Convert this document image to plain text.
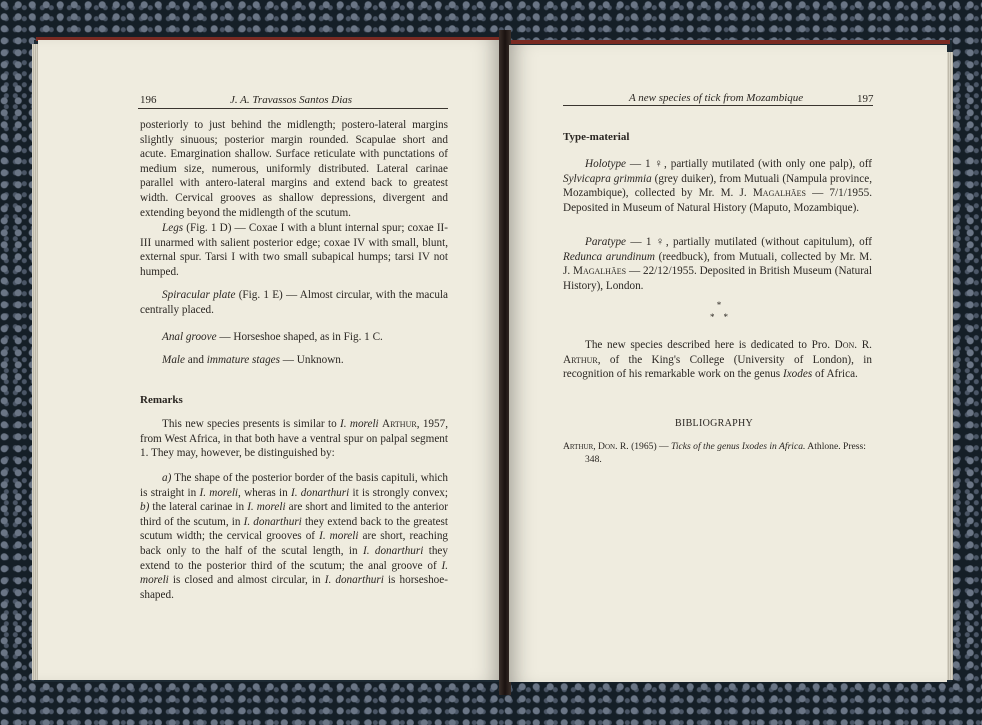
196	J. A. Travassos Santos Dias

posteriorly to just behind the midlength; postero-lateral margins slightly sinuous; posterior margin rounded. Scapulae short and acute. Emargination shallow. Surface reticulate with punctations of medium size, numerous, uniformly distributed. Lateral carinae parallel with antero-lateral margins and extend back to greatest width. Cervical grooves as shallow depressions, divergent and extending beyond the midlength of the scutum.

Legs (Fig. 1 D) — Coxae I with a blunt internal spur; coxae II-III unarmed with salient posterior edge; coxae IV with small, blunt, external spur. Tarsi I with two small subapical humps; tarsi IV not humped.

Spiracular plate (Fig. 1 E) — Almost circular, with the macula centrally placed.

Anal groove — Horseshoe shaped, as in Fig. 1 C.

Male and immature stages — Unknown.

Remarks

This new species presents is similar to I. moreli Arthur, 1957, from West Africa, in that both have a ventral spur on palpal segment 1. They may, however, be distinguished by:

a) The shape of the posterior border of the basis capituli, which is straight in I. moreli, wheras in I. donarthuri it is strongly convex; b) the lateral carinae in I. moreli are short and limited to the anterior third of the scutum, in I. donarthuri they extend back to the greatest scutum width; the cervical grooves of I. moreli are short, reaching back only to the half of the scutal length, in I. donarthuri they extend to the posterior third of the scutum; the anal groove of I. moreli is closed and almost circular, in I. donarthuri is horseshoe-shaped.

A new species of tick from Mozambique	197
Type-material

Holotype — 1 ♀, partially mutilated (with only one palp), off Sylvicapra grimmia (grey duiker), from Mutuali (Nampula province, Mozambique), collected by Mr. M. J. Magalhães — 7/1/1955. Deposited in Museum of Natural History (Maputo, Mozambique).

Paratype — 1 ♀, partially mutilated (without capitulum), off Redunca arundinum (reedbuck), from Mutuali, collected by Mr. M. J. Magalhães — 22/12/1955. Deposited in British Museum (Natural History), London.

*
*    *

The new species described here is dedicated to Pro. Don. R. Arthur, of the King's College (University of London), in recognition of his remarkable work on the genus Ixodes of Africa.

BIBLIOGRAPHY

Arthur, Don. R. (1965) — Ticks of the genus Ixodes in Africa. Athlone. Press: 348.
